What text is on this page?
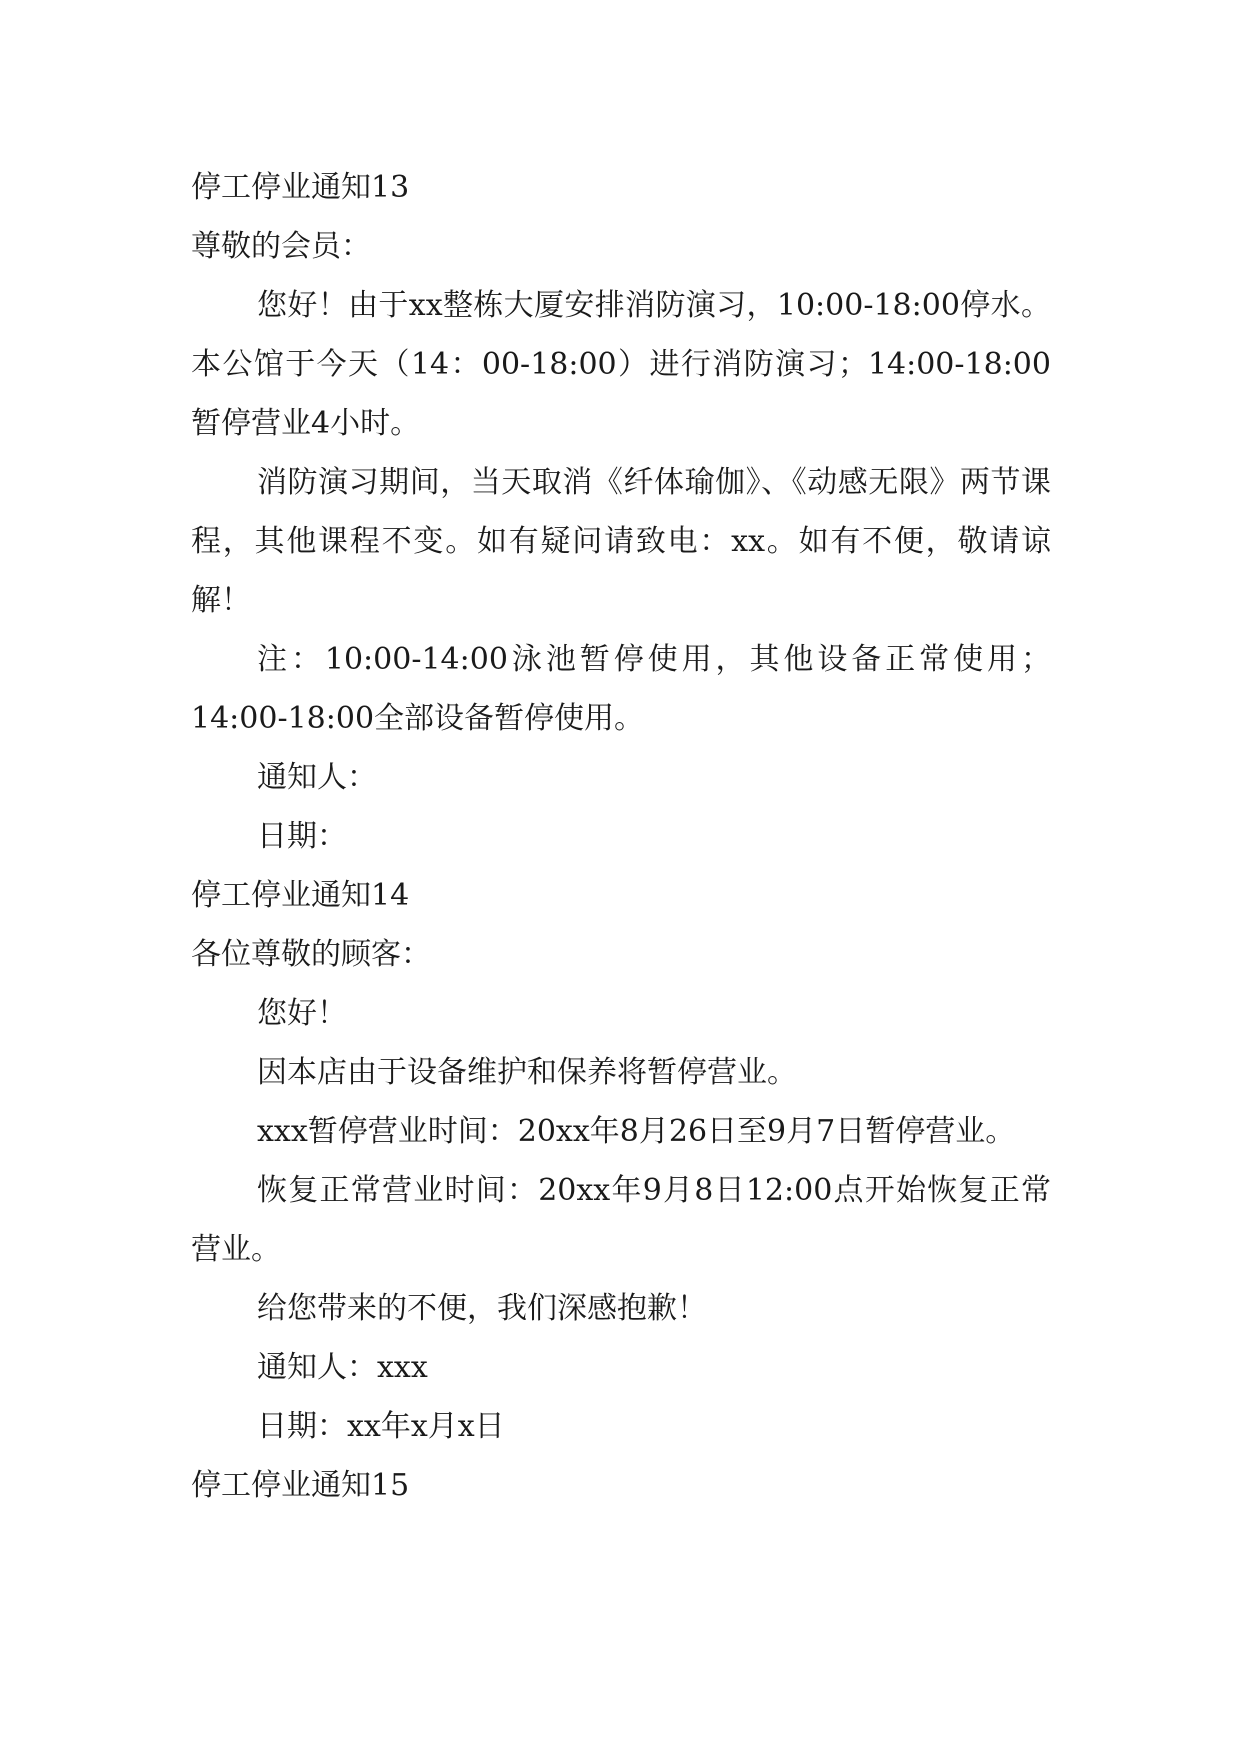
停工停业通知13

尊敬的会员：

您好！由于xx整栋大厦安排消防演习，10:00-18:00停水。本公馆于今天（14：00-18:00）进行消防演习；14:00-18:00暂停营业4小时。

消防演习期间，当天取消《纤体瑜伽》、《动感无限》两节课程，其他课程不变。如有疑问请致电：xx。如有不便，敬请谅解！

注：10:00-14:00泳池暂停使用，其他设备正常使用；14:00-18:00全部设备暂停使用。

通知人：

日期：

停工停业通知14

各位尊敬的顾客：

您好！

因本店由于设备维护和保养将暂停营业。

xxx暂停营业时间：20xx年8月26日至9月7日暂停营业。

恢复正常营业时间：20xx年9月8日12:00点开始恢复正常营业。

给您带来的不便，我们深感抱歉！

通知人：xxx

日期：xx年x月x日

停工停业通知15
